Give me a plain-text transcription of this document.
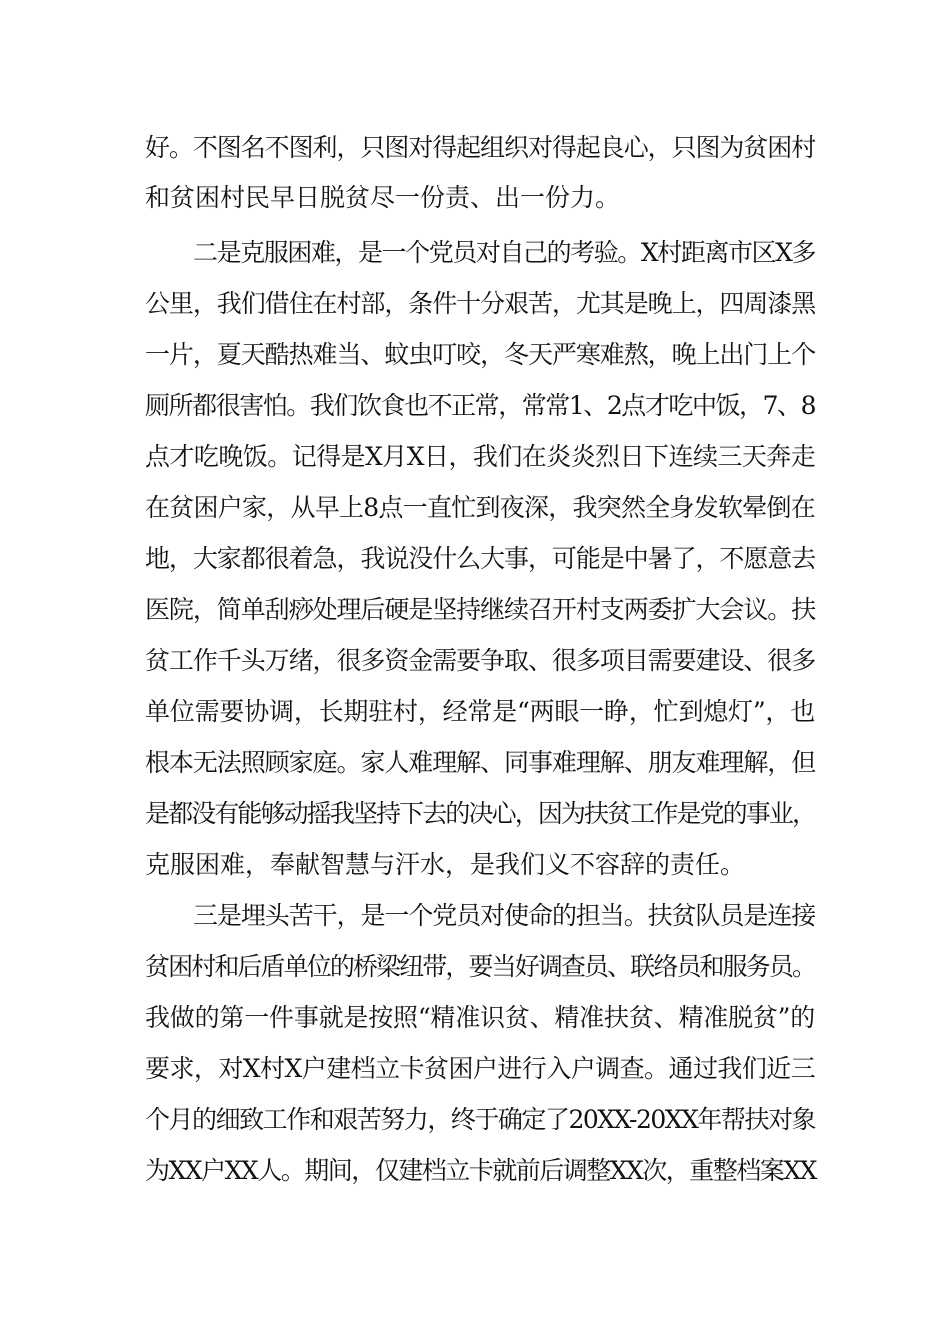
好。不图名不图利，只图对得起组织对得起良心，只图为贫困村
和贫困村民早日脱贫尽一份责、出一份力。
二是克服困难，是一个党员对自己的考验。X村距离市区X多
公里，我们借住在村部，条件十分艰苦，尤其是晚上，四周漆黑
一片，夏天酷热难当、蚊虫叮咬，冬天严寒难熬，晚上出门上个
厕所都很害怕。我们饮食也不正常，常常1、2点才吃中饭，7、8
点才吃晚饭。记得是X月X日，我们在炎炎烈日下连续三天奔走
在贫困户家，从早上8点一直忙到夜深，我突然全身发软晕倒在
地，大家都很着急，我说没什么大事，可能是中暑了，不愿意去
医院，简单刮痧处理后硬是坚持继续召开村支两委扩大会议。扶
贫工作千头万绪，很多资金需要争取、很多项目需要建设、很多
单位需要协调，长期驻村，经常是“两眼一睁，忙到熄灯”，也
根本无法照顾家庭。家人难理解、同事难理解、朋友难理解，但
是都没有能够动摇我坚持下去的决心，因为扶贫工作是党的事业，
克服困难，奉献智慧与汗水，是我们义不容辞的责任。
三是埋头苦干，是一个党员对使命的担当。扶贫队员是连接
贫困村和后盾单位的桥梁纽带，要当好调查员、联络员和服务员。
我做的第一件事就是按照“精准识贫、精准扶贫、精准脱贫”的
要求，对X村X户建档立卡贫困户进行入户调查。通过我们近三
个月的细致工作和艰苦努力，终于确定了20XX-20XX年帮扶对象
为XX户XX人。期间，仅建档立卡就前后调整XX次，重整档案XX
